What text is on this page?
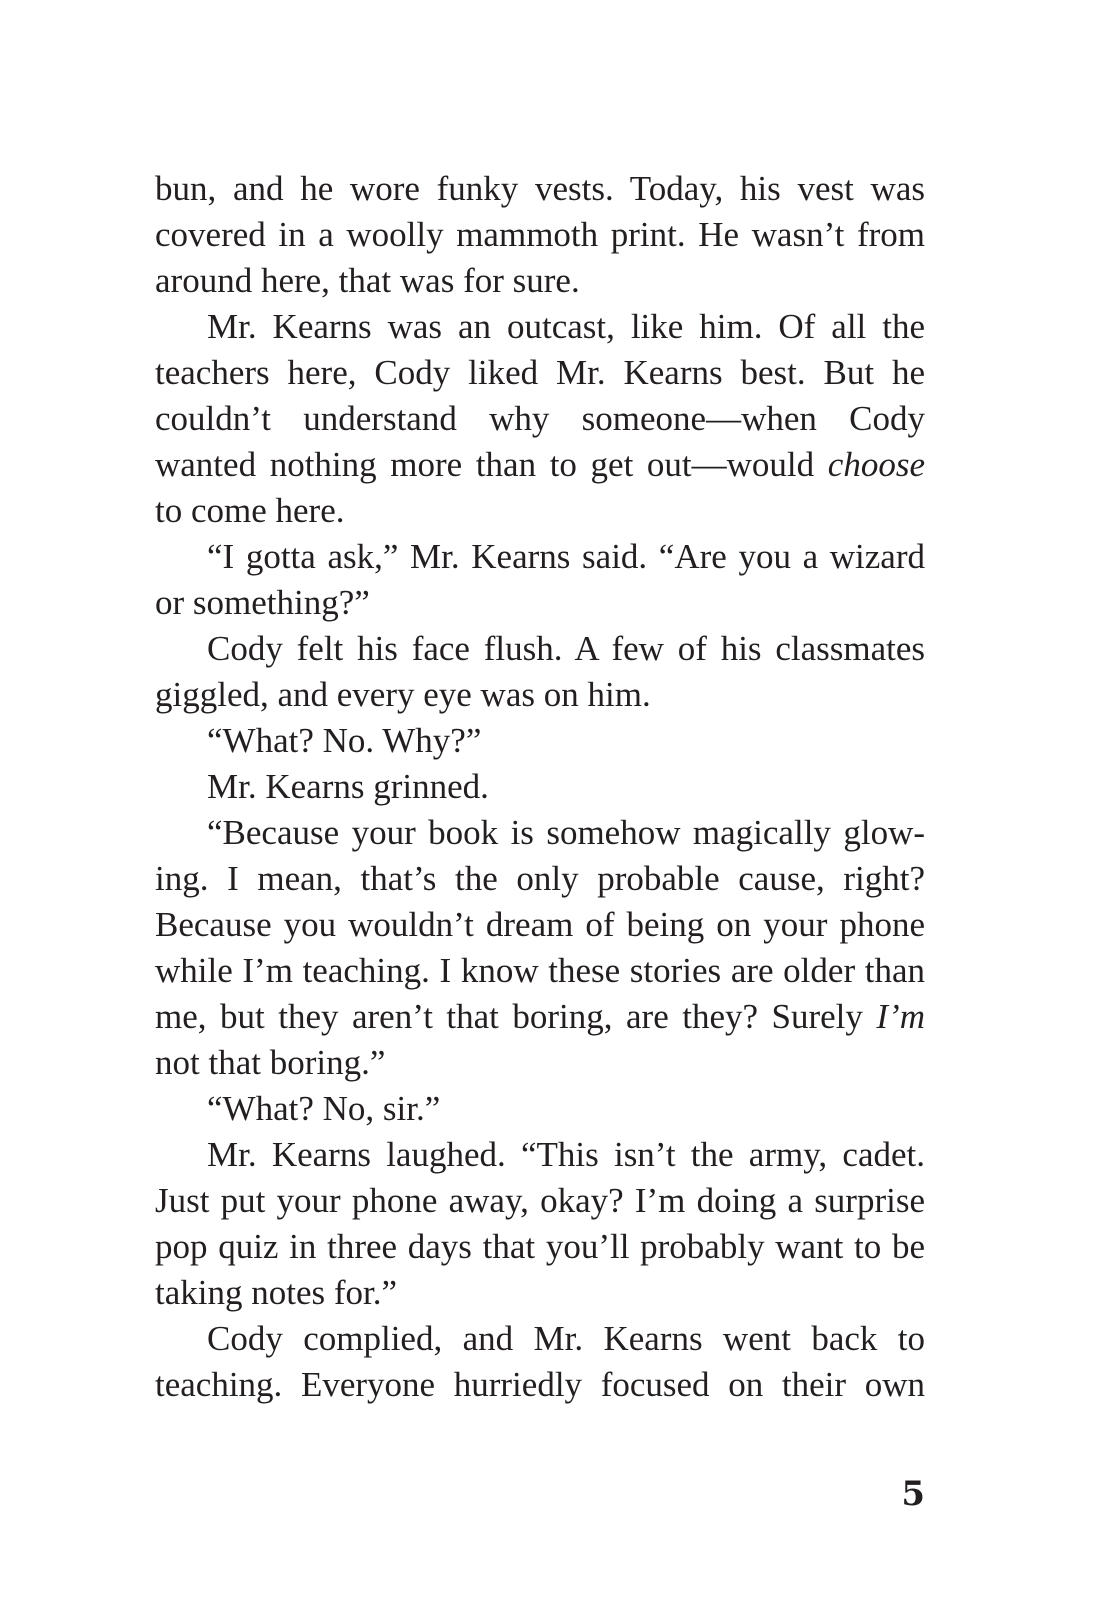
bun, and he wore funky vests. Today, his vest was covered in a woolly mammoth print. He wasn’t from around here, that was for sure.

Mr. Kearns was an outcast, like him. Of all the teachers here, Cody liked Mr. Kearns best. But he couldn’t understand why someone—when Cody wanted nothing more than to get out—would choose to come here.

“I gotta ask,” Mr. Kearns said. “Are you a wizard or something?”

Cody felt his face flush. A few of his classmates giggled, and every eye was on him.

“What? No. Why?”

Mr. Kearns grinned.

“Because your book is somehow magically glow-ing. I mean, that’s the only probable cause, right? Because you wouldn’t dream of being on your phone while I’m teaching. I know these stories are older than me, but they aren’t that boring, are they? Surely I’m not that boring.”

“What? No, sir.”

Mr. Kearns laughed. “This isn’t the army, cadet. Just put your phone away, okay? I’m doing a surprise pop quiz in three days that you’ll probably want to be taking notes for.”

Cody complied, and Mr. Kearns went back to teaching. Everyone hurriedly focused on their own

5
